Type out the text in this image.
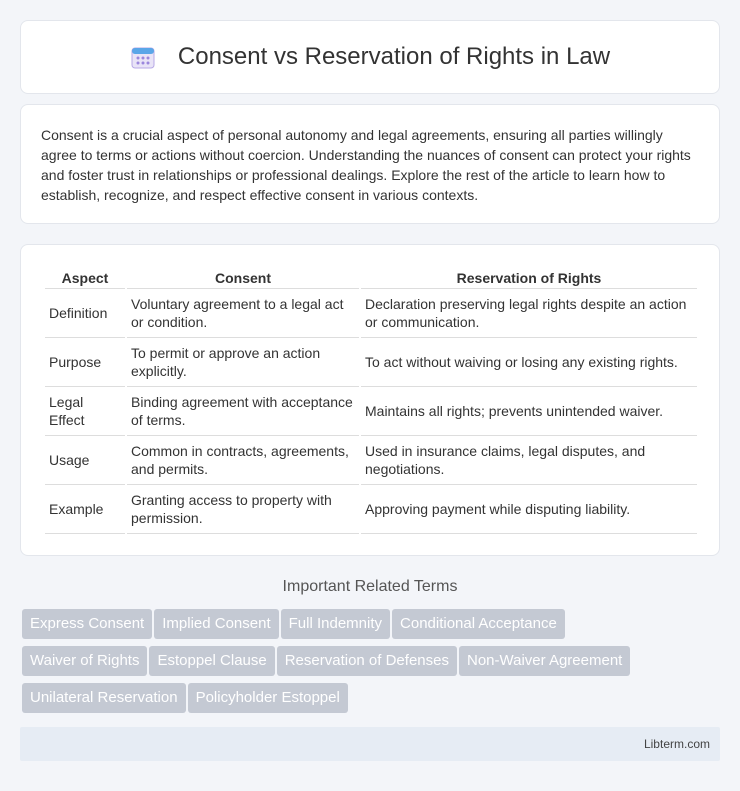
Consent vs Reservation of Rights in Law

Consent is a crucial aspect of personal autonomy and legal agreements, ensuring all parties willingly agree to terms or actions without coercion. Understanding the nuances of consent can protect your rights and foster trust in relationships or professional dealings. Explore the rest of the article to learn how to establish, recognize, and respect effective consent in various contexts.

Aspect	Consent	Reservation of Rights
Definition	Voluntary agreement to a legal act or condition.	Declaration preserving legal rights despite an action or communication.
Purpose	To permit or approve an action explicitly.	To act without waiving or losing any existing rights.
Legal Effect	Binding agreement with acceptance of terms.	Maintains all rights; prevents unintended waiver.
Usage	Common in contracts, agreements, and permits.	Used in insurance claims, legal disputes, and negotiations.
Example	Granting access to property with permission.	Approving payment while disputing liability.
Important Related Terms
Express Consent Implied Consent Full Indemnity Conditional Acceptance
Waiver of Rights Estoppel Clause Reservation of Defenses Non-Waiver Agreement
Unilateral Reservation Policyholder Estoppel
Libterm.com
